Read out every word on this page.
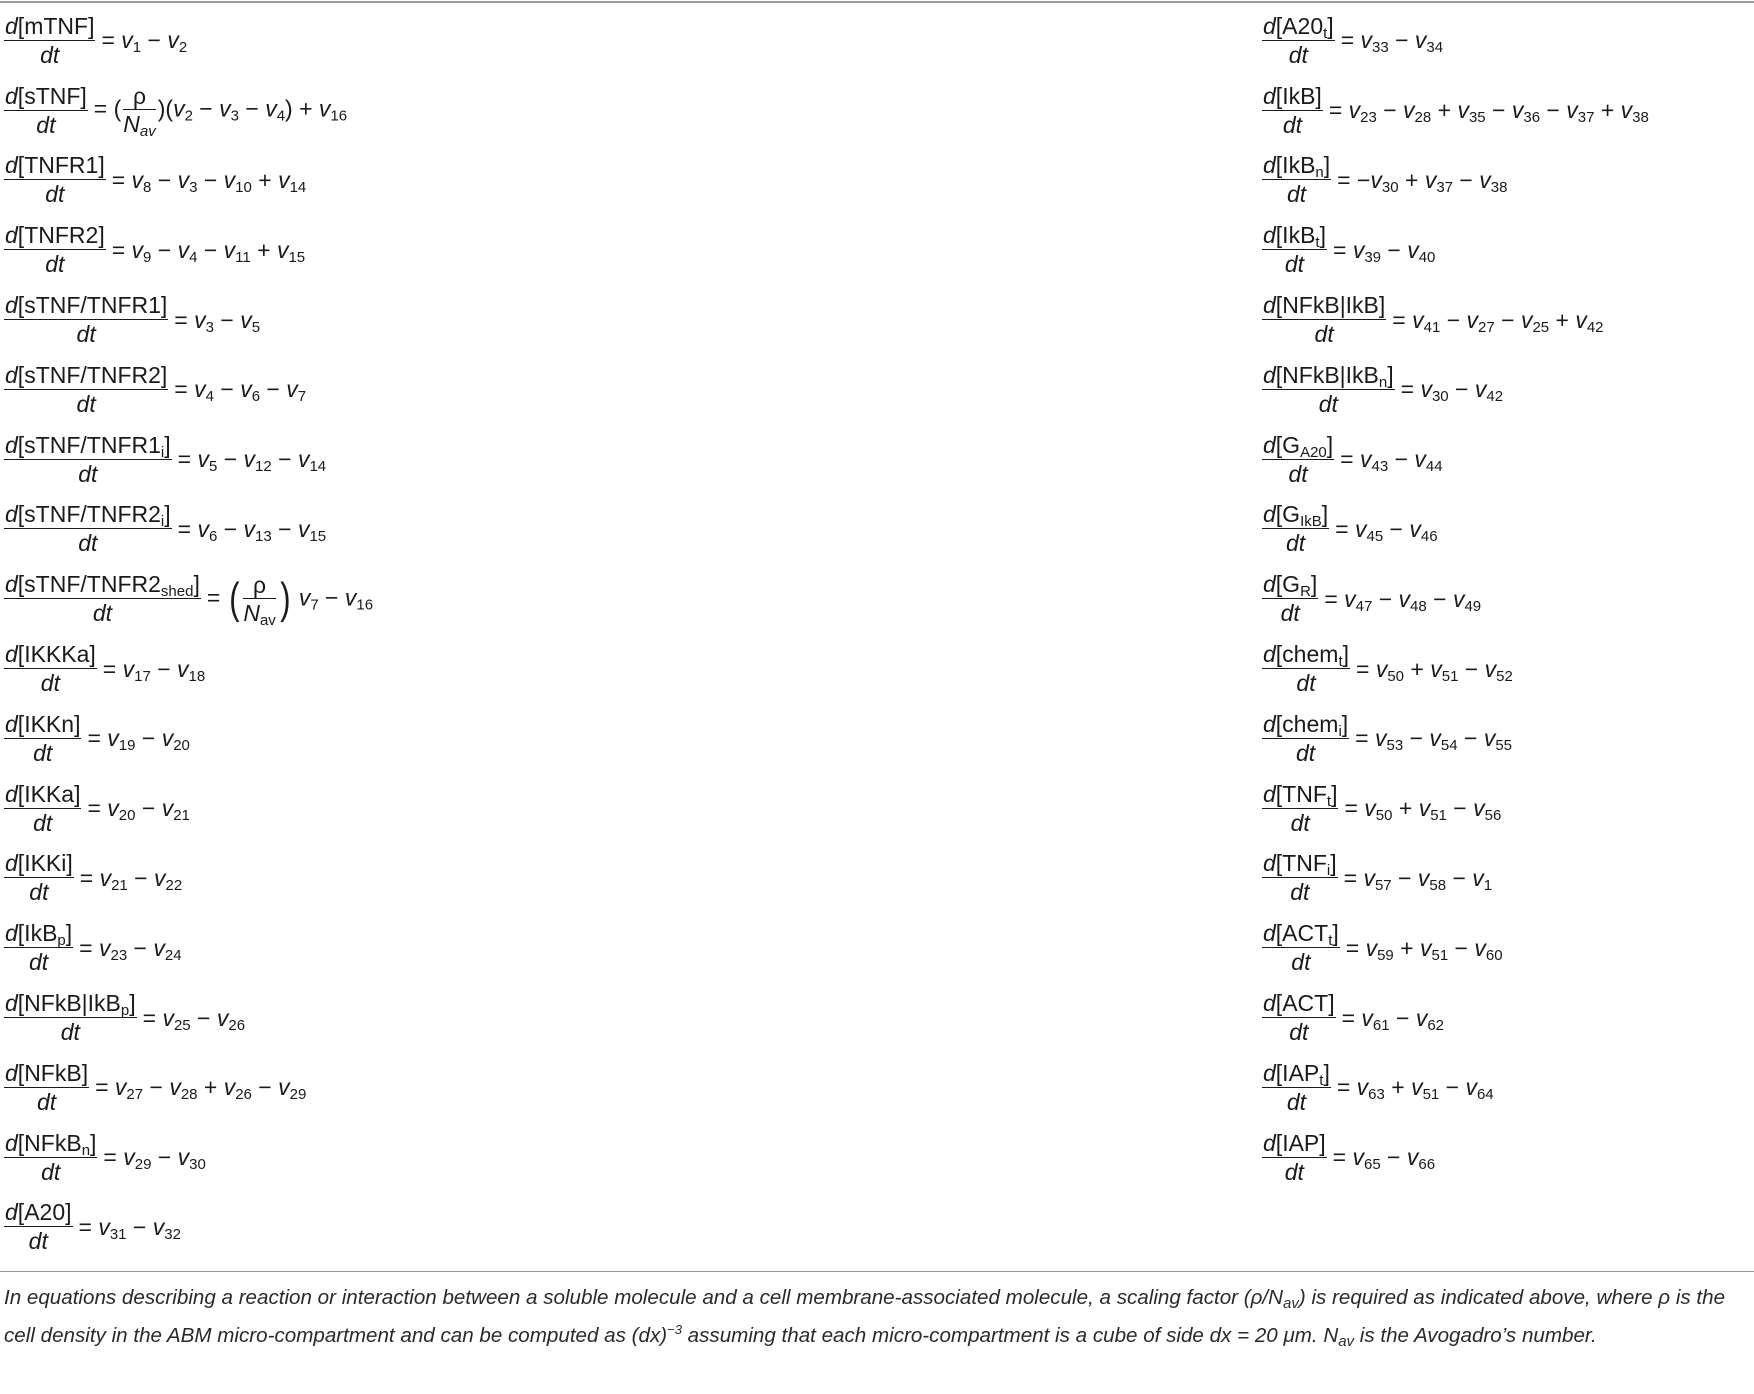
$\frac{\text{d[mTNF]}}{dt} = v_1 - v_2$
$\frac{\text{d[sTNF]}}{dt}$ = ( ρ
$N_{av}$
)$(v_2 - v_3 - v_4) + v_{16}$
$\frac{\text{d[TNFR1]}}{dt} = v_8 - v_3 - v_{10} + v_{14}$
$\frac{\text{d[TNFR2]}}{dt} = v_9 - v_4 - v_{11} + v_{15}$
$\frac{\text{d[sTNF/TNFR1]}}{dt} = v_3 - v_5$
$\frac{\text{d[sTNF/TNFR2]}}{dt} = v_4 - v_6 - v_7$
$\frac{d[sTNF/TNFR1_i]}{dt} = v_5 - v_{12} - v_{14}$
$\frac{d[sTNF/TNFR2_i]}{dt} = v_6 - v_{13} - v_{15}$
$\frac{d[sTNF/TNFR2_{shed}]}{dt}$ = ( ρ
$N_{av}$ ) $v_7 - v_{16}$
$\frac{\text{d[IKKKa]}}{dt} = v_{17} - v_{18}$
$\frac{\text{d[IKKn]}}{dt} = v_{19} - v_{20}$
$\frac{\text{d[IKKa]}}{dt} = v_{20} - v_{21}$
$\frac{\text{d[IKKi]}}{dt} = v_{21} - v_{22}$
$\frac{d[IkB_p]}{dt} = v_{23} - v_{24}$
$\frac{d[NFkB|IkB_p]}{dt} = v_{25} - v_{26}$
$\frac{\text{d[NFkB]}}{dt} = v_{27} - v_{28} + v_{26} - v_{29}$
$\frac{d[NFkB_n]}{dt} = v_{29} - v_{30}$
$\frac{d[A20]}{dt} = v_{31} - v_{32}$
$\frac{d[A20_t]}{dt} = v_{33} - v_{34}$
$\frac{\text{d[IkB]}}{dt} = v_{23} - v_{28} + v_{35} - v_{36} - v_{37} + v_{38}$
$\frac{d[IkB_n]}{dt} = -v_{30} + v_{37} - v_{38}$
$\frac{d[IkB_t]}{dt} = v_{39} - v_{40}$
$\frac{\text{d[NFkB|IkB]}}{dt} = v_{41} - v_{27} - v_{25} + v_{42}$
$\frac{d[NFkB|IkB_n]}{dt} = v_{30} - v_{42}$
$\frac{d[G_{A20}]}{dt} = v_{43} - v_{44}$
$\frac{d[G_{IkB}]}{dt} = v_{45} - v_{46}$
$\frac{d[G_R]}{dt} = v_{47} - v_{48} - v_{49}$
$\frac{d[chem_t]}{dt} = v_{50} + v_{51} - v_{52}$
$\frac{d[chem_i]}{dt} = v_{53} - v_{54} - v_{55}$
$\frac{d[TNF_t]}{dt} = v_{50} + v_{51} - v_{56}$
$\frac{d[TNF_i]}{dt} = v_{57} - v_{58} - v_1$
$\frac{d[ACT_t]}{dt} = v_{59} + v_{51} - v_{60}$
$\frac{\text{d[ACT]}}{dt} = v_{61} - v_{62}$
$\frac{d[IAP_t]}{dt} = v_{63} + v_{51} - v_{64}$
$\frac{\text{d[IAP]}}{dt} = v_{65} - v_{66}$
In equations describing a reaction or interaction between a soluble molecule and a cell membrane-associated molecule, a scaling factor $(\rho/N_{av})$ is required as indicated above, where ρ is the cell density in the ABM micro-compartment and can be computed as (dx)$^{-3}$ assuming that each micro-compartment is a cube of side dx = 20 μm. $N_{av}$ is the Avogadro’s number.
